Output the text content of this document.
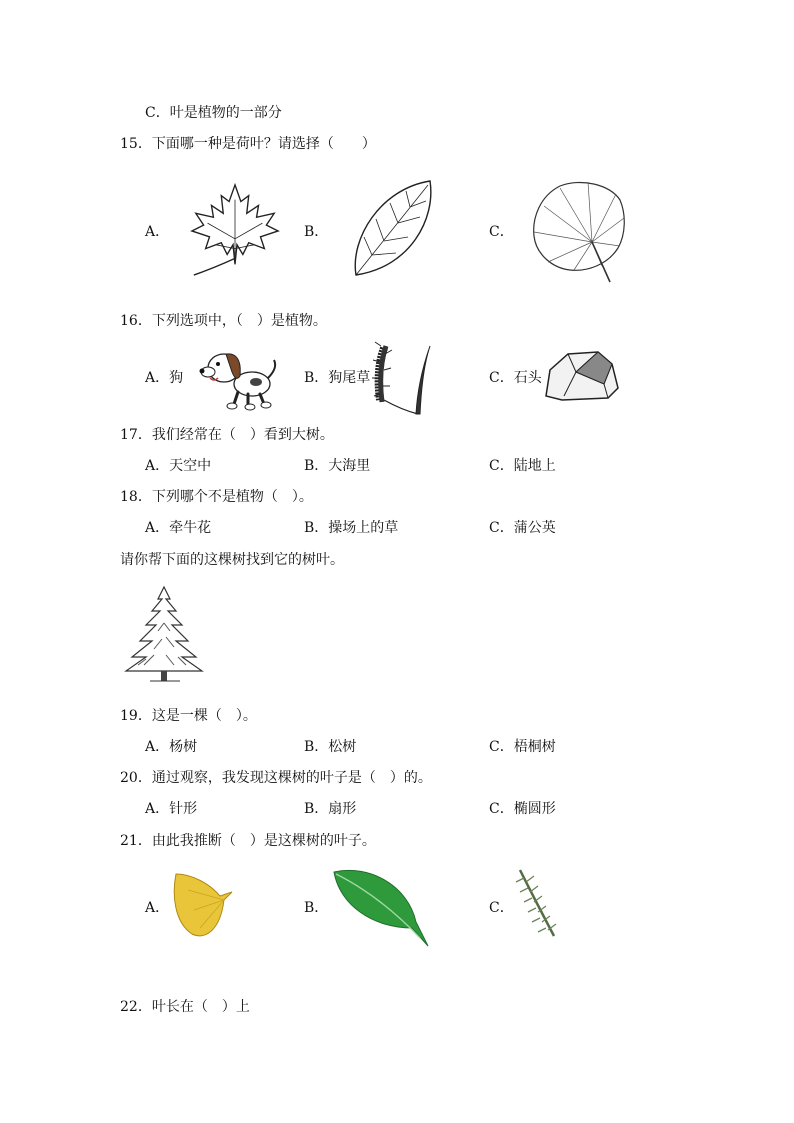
C．叶是植物的一部分
15．下面哪一种是荷叶？请选择（　　）
A．	B．	C．
16．下列选项中，（　）是植物。
A．狗	B．狗尾草	C．石头
17．我们经常在（　）看到大树。
A．天空中	B．大海里	C．陆地上
18．下列哪个不是植物（　）。
A．牵牛花	B．操场上的草	C．蒲公英
请你帮下面的这棵树找到它的树叶。
19．这是一棵（　）。
A．杨树	B．松树	C．梧桐树
20．通过观察，我发现这棵树的叶子是（　）的。
A．针形	B．扇形	C．椭圆形
21．由此我推断（　）是这棵树的叶子。
A．	B．	C．
22．叶长在（　）上
